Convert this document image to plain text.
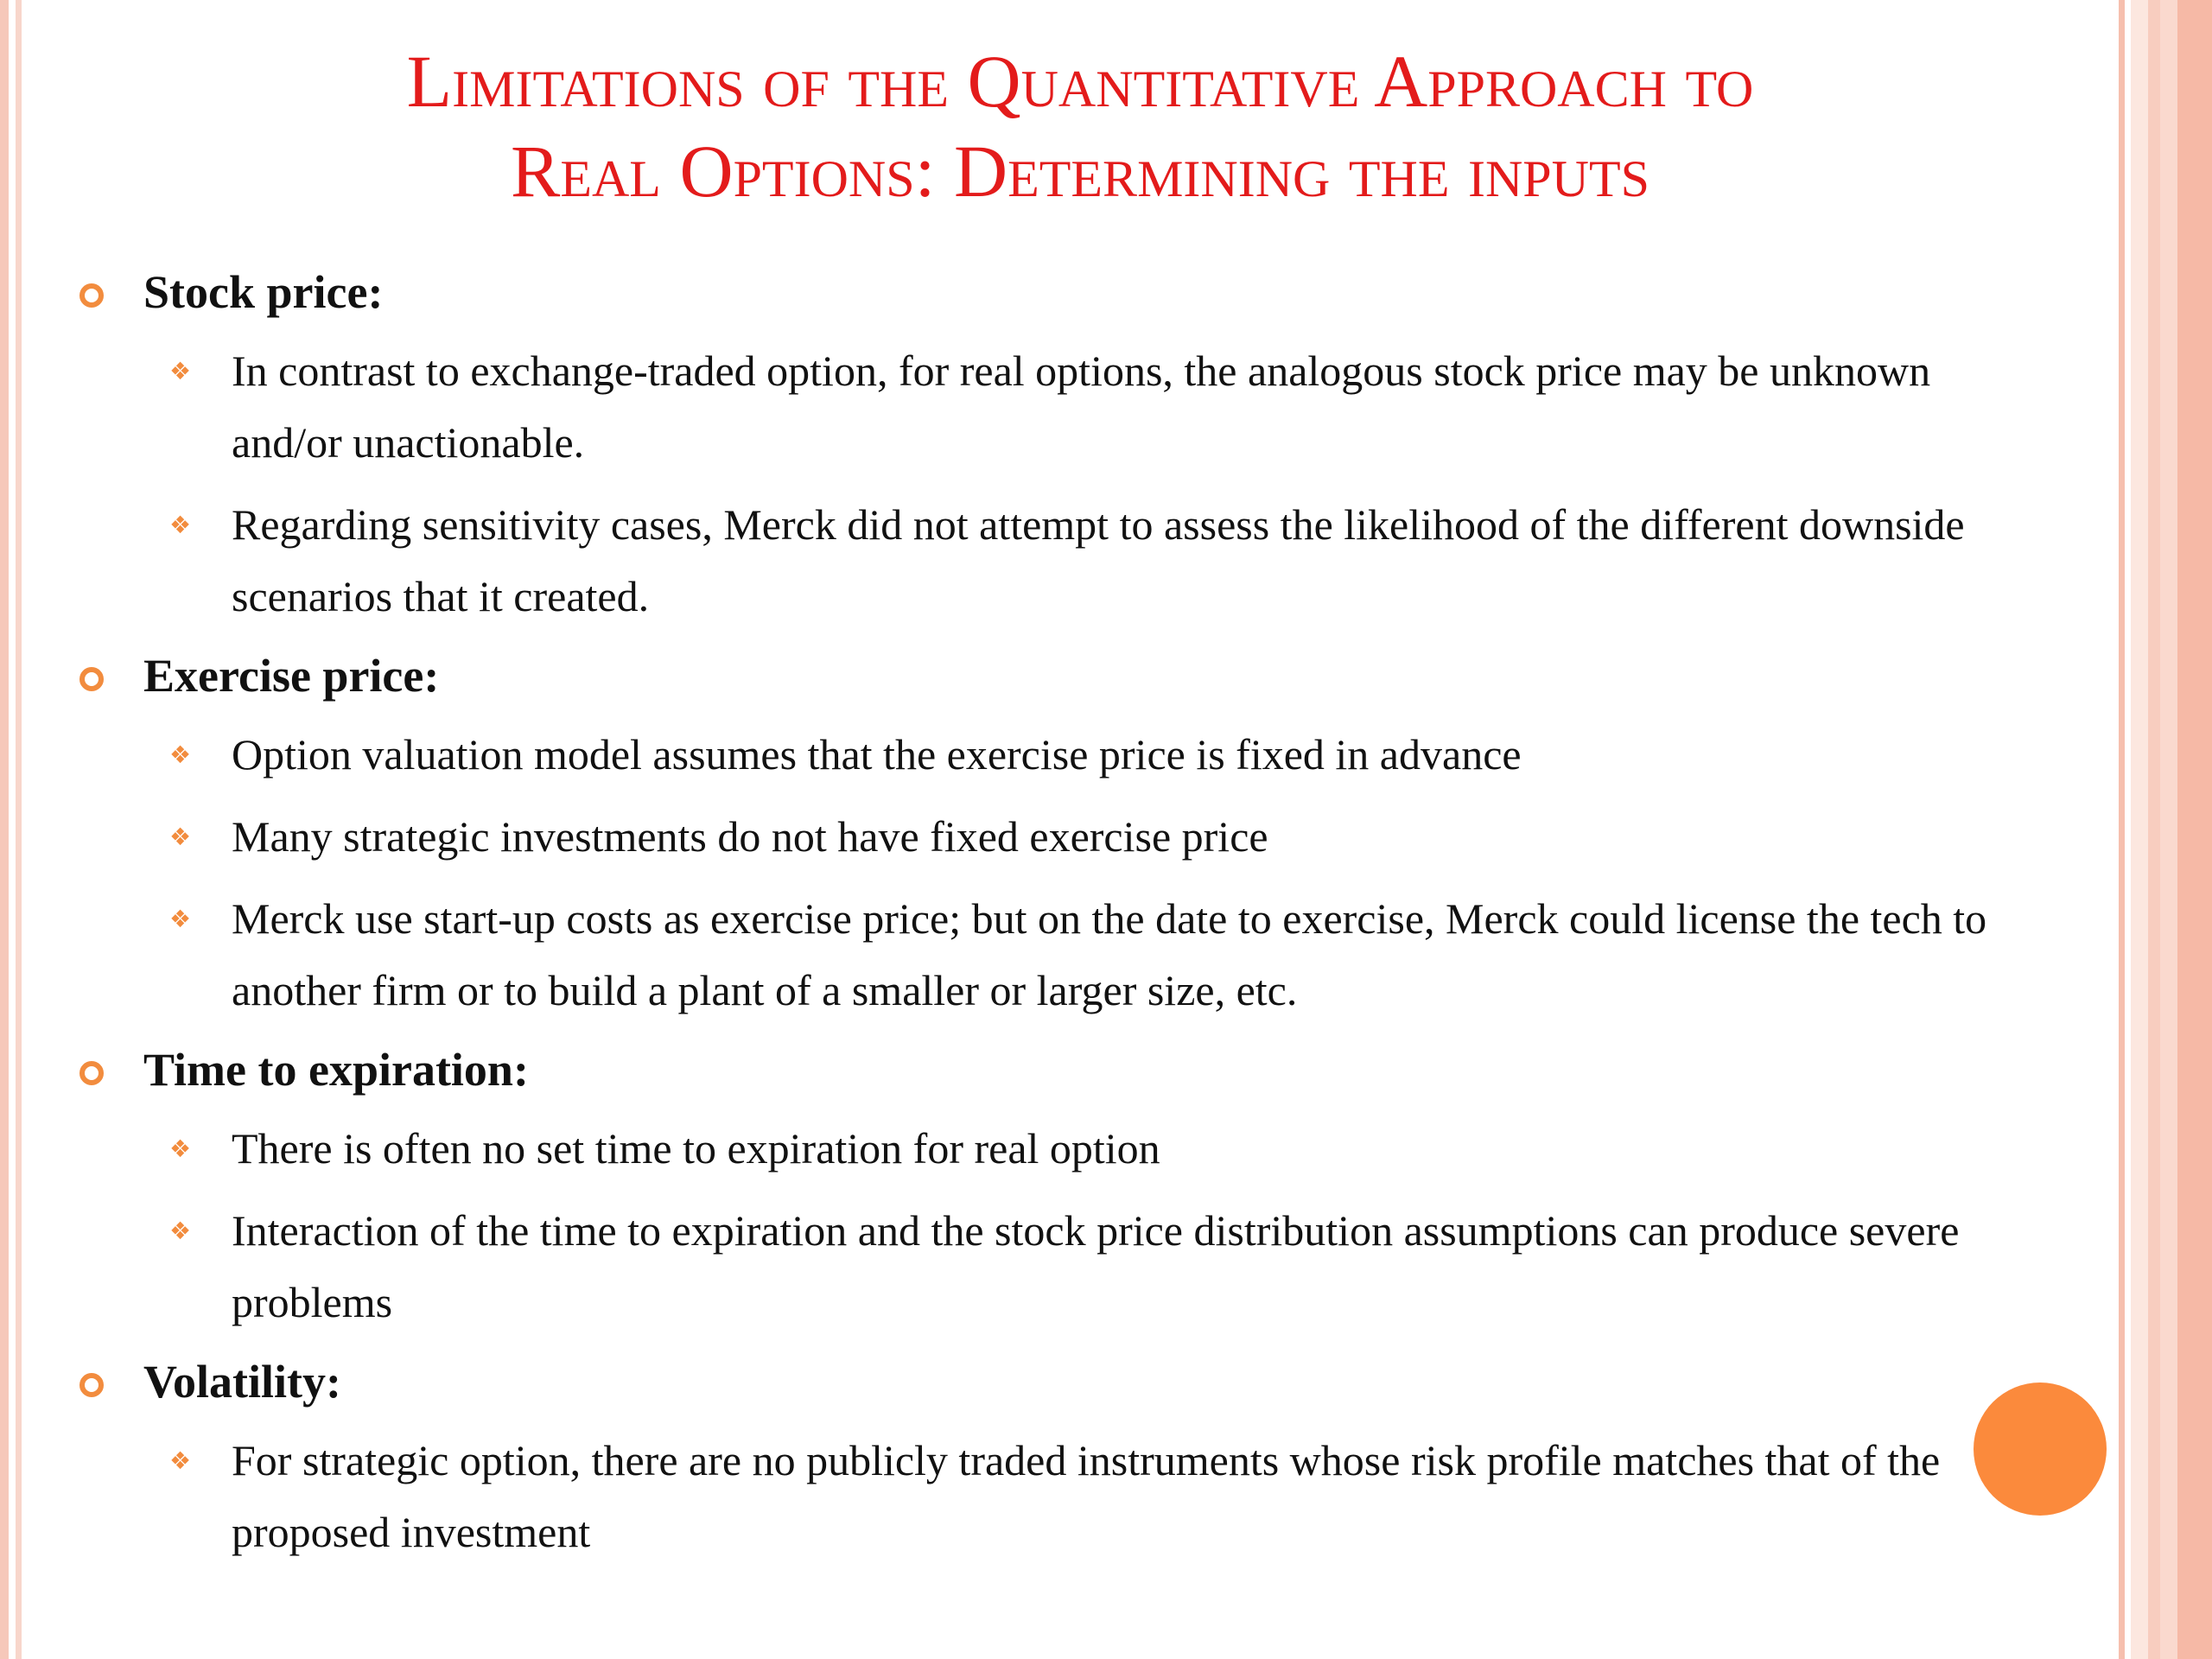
Limitations of the Quantitative Approach to
Real Options: Determining the inputs
Stock price:
❖ In contrast to exchange-traded option, for real options, the analogous stock price may be unknown and/or unactionable.
❖ Regarding sensitivity cases, Merck did not attempt to assess the likelihood of the different downside scenarios that it created.
Exercise price:
❖ Option valuation model assumes that the exercise price is fixed in advance
❖ Many strategic investments do not have fixed exercise price
❖ Merck use start-up costs as exercise price; but on the date to exercise, Merck could license the tech to another firm or to build a plant of a smaller or larger size, etc.
Time to expiration:
❖ There is often no set time to expiration for real option
❖ Interaction of the time to expiration and the stock price distribution assumptions can produce severe problems
Volatility:
❖ For strategic option, there are no publicly traded instruments whose risk profile matches that of the proposed investment
